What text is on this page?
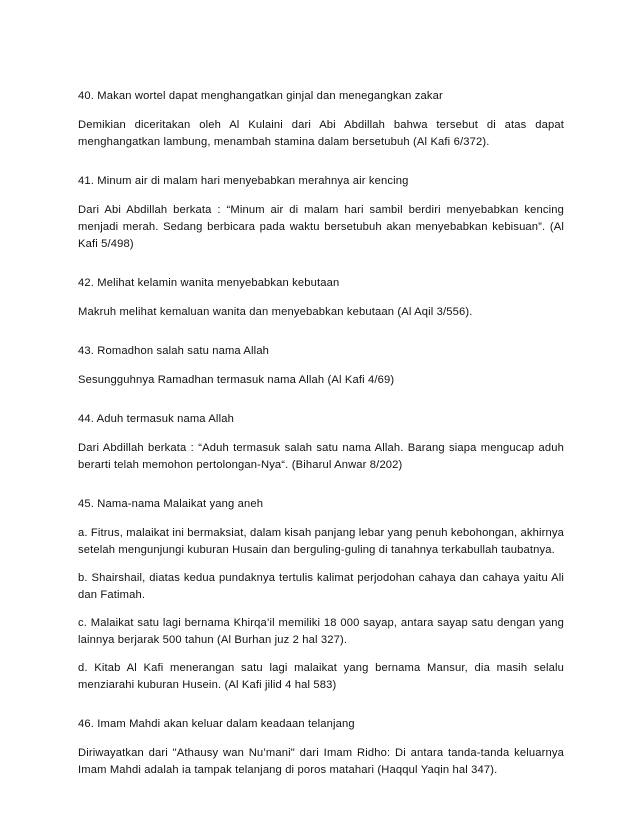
40. Makan wortel dapat menghangatkan ginjal dan menegangkan zakar

Demikian diceritakan oleh Al Kulaini dari Abi Abdillah bahwa tersebut di atas dapat menghangatkan lambung, menambah stamina dalam bersetubuh (Al Kafi 6/372).

41. Minum air di malam hari menyebabkan merahnya air kencing

Dari Abi Abdillah berkata : “Minum air di malam hari sambil berdiri menyebabkan kencing menjadi merah. Sedang berbicara pada waktu bersetubuh akan menyebabkan kebisuan”. (Al Kafi 5/498)

42. Melihat kelamin wanita menyebabkan kebutaan

Makruh melihat kemaluan wanita dan menyebabkan kebutaan (Al Aqil 3/556).

43. Romadhon salah satu nama Allah

Sesungguhnya Ramadhan termasuk nama Allah (Al Kafi 4/69)

44. Aduh termasuk nama Allah

Dari Abdillah berkata : “Aduh termasuk salah satu nama Allah. Barang siapa mengucap aduh berarti telah memohon pertolongan-Nya“. (Biharul Anwar 8/202)

45. Nama-nama Malaikat yang aneh

a. Fitrus, malaikat ini bermaksiat, dalam kisah panjang lebar yang penuh kebohongan, akhirnya setelah mengunjungi kuburan Husain dan berguling-guling di tanahnya terkabullah taubatnya.

b. Shairshail, diatas kedua pundaknya tertulis kalimat perjodohan cahaya dan cahaya yaitu Ali dan Fatimah.

c. Malaikat satu lagi bernama Khirqa’il memiliki 18 000 sayap, antara sayap satu dengan yang lainnya berjarak 500 tahun (Al Burhan juz 2 hal 327).

d. Kitab Al Kafi menerangan satu lagi malaikat yang bernama Mansur, dia masih selalu menziarahi kuburan Husein. (Al Kafi jilid 4 hal 583)

46. Imam Mahdi akan keluar dalam keadaan telanjang

Diriwayatkan dari "Athausy wan Nu’mani" dari Imam Ridho: Di antara tanda-tanda keluarnya Imam Mahdi adalah ia tampak telanjang di poros matahari (Haqqul Yaqin hal 347).
